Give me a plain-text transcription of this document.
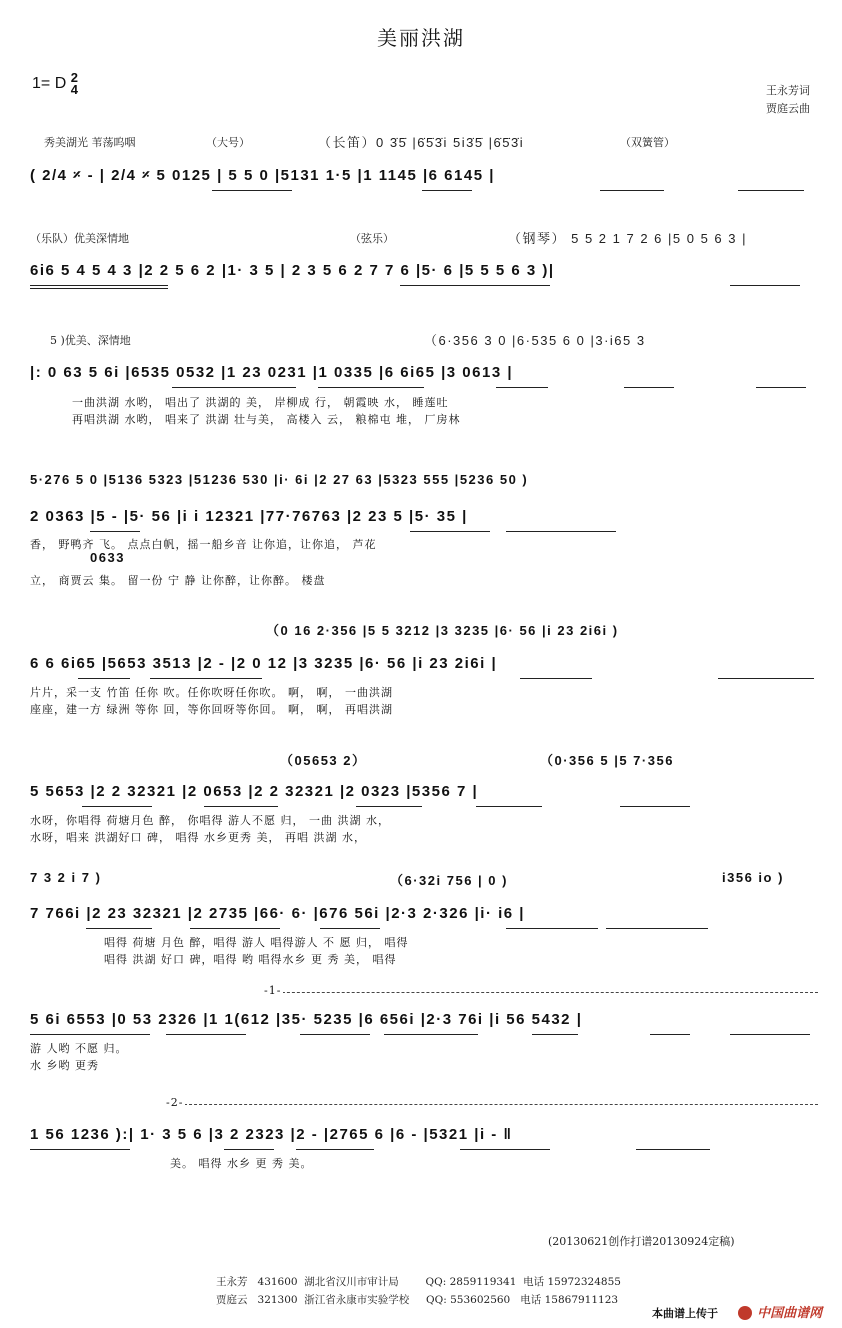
美丽洪湖
1= D 2
4	王永芳词
贾庭云曲
秀美湖光 苇荡呜咽	（大号）	（长笛）0 3̇5̇ |6̇5̇3̇i 5i3̇5̇ |6̇5̇3̇i	（双簧管）
( 2/4 𝄎 - | 2/4 𝄎 5 0125 | 5 5 0 |5131 1·5 |1 1145 |6 6145 |
（乐队）优美深情地	（弦乐）	（钢琴） 5 5 2 1 7 2 6 |5 0 5 6 3 |
6i6 5 4 5 4 3 |2 2 5 6 2 |1· 3 5 | 2 3 5 6 2 7 7 6 |5· 6 |5 5 5 6 3 )|
5 )优美、深情地	（6·356 3 0 |6·535 6 0 |3·i65 3
|: 0 63 5 6i |6535 0532 |1 23 0231 |1 0335 |6 6i65 |3 0613 |
一曲洪湖 水哟， 唱出了 洪湖的 美， 岸柳成 行， 朝霞映 水， 睡莲吐
再唱洪湖 水哟， 唱来了 洪湖 壮与美， 高楼入 云， 粮棉屯 堆， 厂房林
5·276 5 0 |5136 5323 |51236 530 |i· 6i |2 27 63 |5323 555 |5236 50 )
2 0363 |5 - |5· 56 |i i 12321 |77·76763 |2 23 5 |5· 35 |
香， 野鸭齐 飞。 点点白帆，摇一船乡音 让你追，让你追， 芦花
0633
立， 商贾云 集。 留一份 宁 静 让你醉，让你醉。 楼盘
（0 16 2·356 |5 5 3212 |3 3235 |6· 56 |i 23 2i6i )
6 6 6i65 |5653 3513 |2 - |2 0 12 |3 3235 |6· 56 |i 23 2i6i |
片片，采一支 竹笛 任你 吹。任你吹呀任你吹。 啊， 啊， 一曲洪湖
座座，建一方 绿洲 等你 回，等你回呀等你回。 啊， 啊， 再唱洪湖
（05653 2）	（0·356 5 |5 7·356
5 5653 |2 2 32321 |2 0653 |2 2 32321 |2 0323 |5356 7 |
水呀，你唱得 荷塘月色 醉， 你唱得 游人不愿 归， 一曲 洪湖 水，
水呀，唱来 洪湖好口 碑， 唱得 水乡更秀 美， 再唱 洪湖 水，
7 3 2 i 7 )	（6·32i 756 | 0 )	i356 io )
7 766i |2 23 32321 |2 2735 |66· 6· |676 56i |2·3 2·326 |i· i6 |
唱得 荷塘 月色 醉，唱得 游人 唱得游人 不 愿 归， 唱得
唱得 洪湖 好口 碑，唱得 哟 唱得水乡 更 秀 美， 唱得
-1-
5 6i 6553 |0 53 2326 |1 1(612 |35· 5235 |6 656i |2·3 76i |i 56 5432 |
游 人哟 不愿 归。
水 乡哟 更秀
-2-
1 56 1236 ):| 1· 3 5 6 |3 2 2323 |2 - |2765 6 |6 - |5321 |i - ‖
美。 唱得 水乡 更 秀 美。
(20130621创作打谱20130924定稿)
王永芳 431600 湖北省汉川市审计局	QQ: 2859119341 电话 15972324855
贾庭云 321300 浙江省永康市实验学校 QQ: 553602560 电话 15867911123
本曲谱上传于	中国曲谱网
